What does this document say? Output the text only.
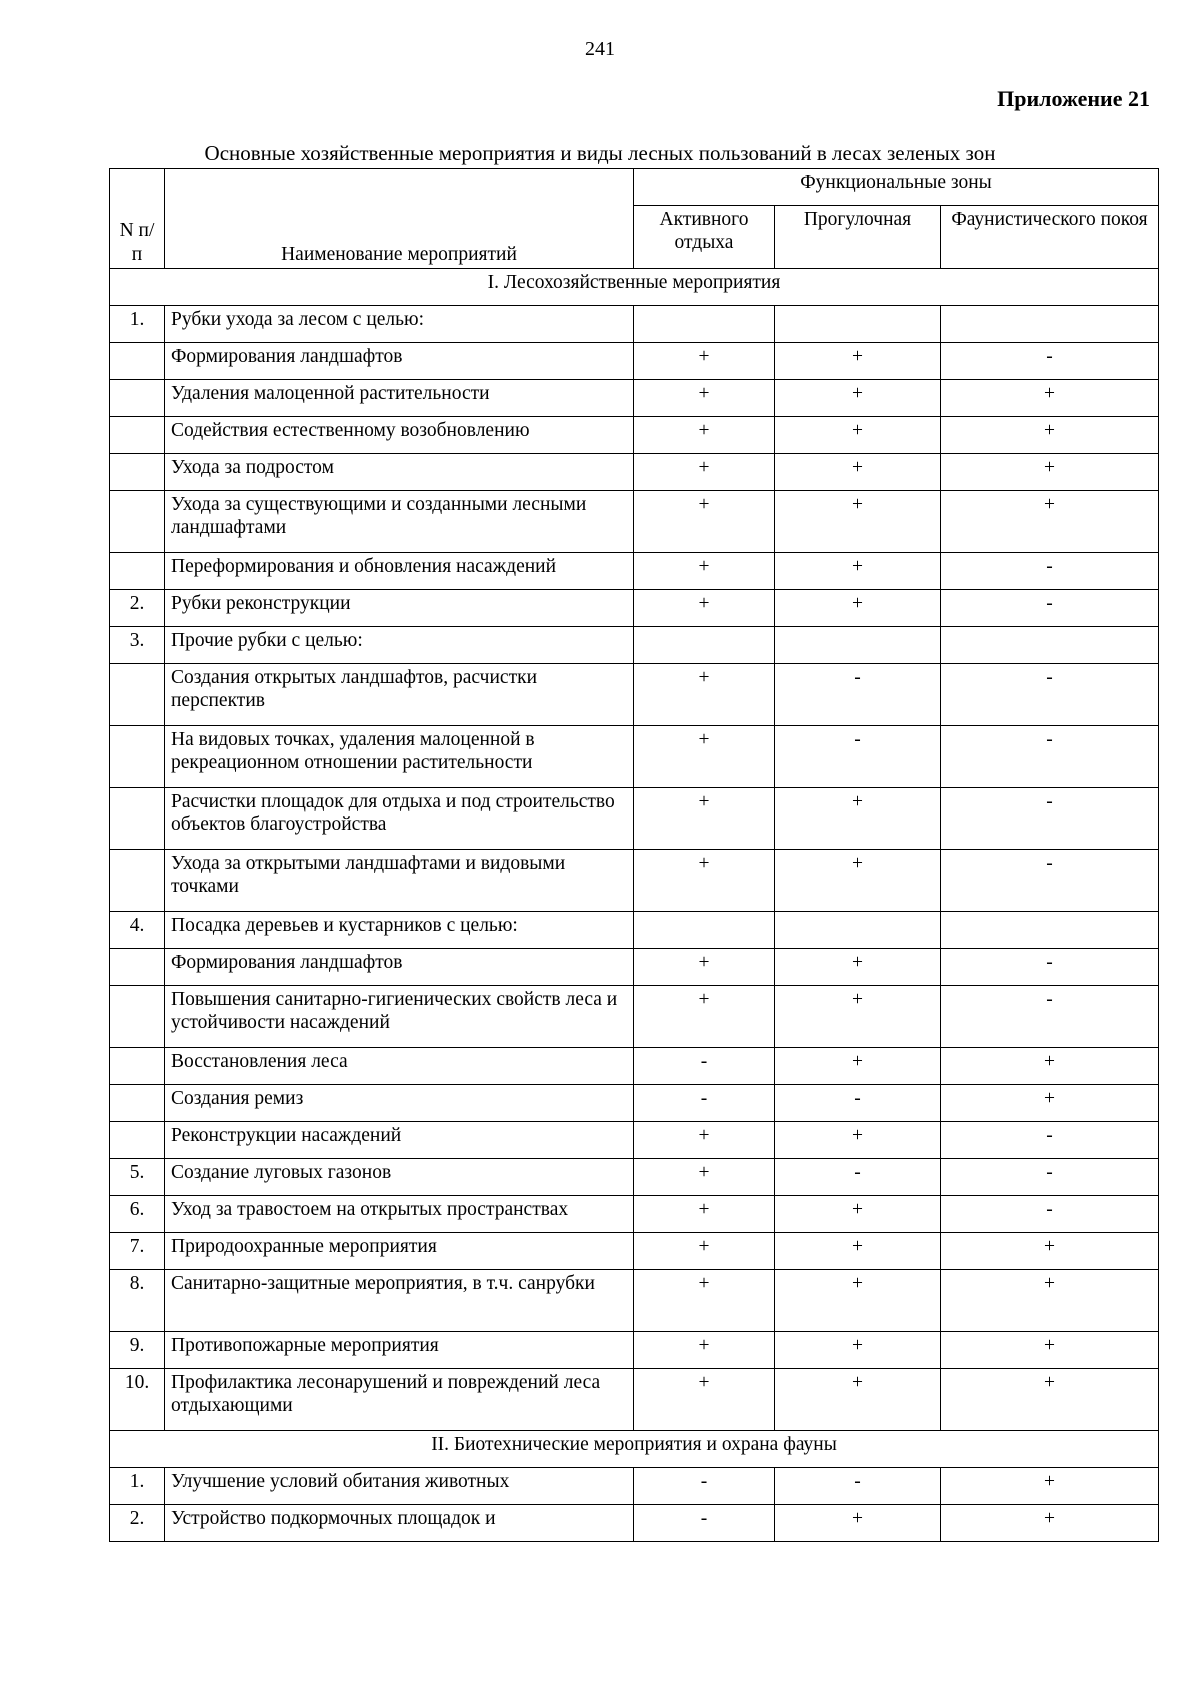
241
Приложение 21
Основные хозяйственные мероприятия и виды лесных пользований в лесах зеленых зон
N п/п	Наименование мероприятий	Функциональные зоны		
		Активного отдыха	Прогулочная	Фаунистического покоя
I. Лесохозяйственные мероприятия				
1.	Рубки ухода за лесом с целью:			
	Формирования ландшафтов	+	+	-
	Удаления малоценной растительности	+	+	+
	Содействия естественному возобновлению	+	+	+
	Ухода за подростом	+	+	+
	Ухода за существующими и созданными лесными ландшафтами	+	+	+
	Переформирования и обновления насаждений	+	+	-
2.	Рубки реконструкции	+	+	-
3.	Прочие рубки с целью:			
	Создания открытых ландшафтов, расчистки перспектив	+	-	-
	На видовых точках, удаления малоценной в рекреационном отношении растительности	+	-	-
	Расчистки площадок для отдыха и под строительство объектов благоустройства	+	+	-
	Ухода за открытыми ландшафтами и видовыми точками	+	+	-
4.	Посадка деревьев и кустарников с целью:			
	Формирования ландшафтов	+	+	-
	Повышения санитарно-гигиенических свойств леса и устойчивости насаждений	+	+	-
	Восстановления леса	-	+	+
	Создания ремиз	-	-	+
	Реконструкции насаждений	+	+	-
5.	Создание луговых газонов	+	-	-
6.	Уход за травостоем на открытых пространствах	+	+	-
7.	Природоохранные мероприятия	+	+	+
8.	Санитарно-защитные мероприятия, в т.ч. санрубки	+	+	+
9.	Противопожарные мероприятия	+	+	+
10.	Профилактика лесонарушений и повреждений леса отдыхающими	+	+	+
II. Биотехнические мероприятия и охрана фауны				
1.	Улучшение условий обитания животных	-	-	+
2.	Устройство подкормочных площадок и	-	+	+
